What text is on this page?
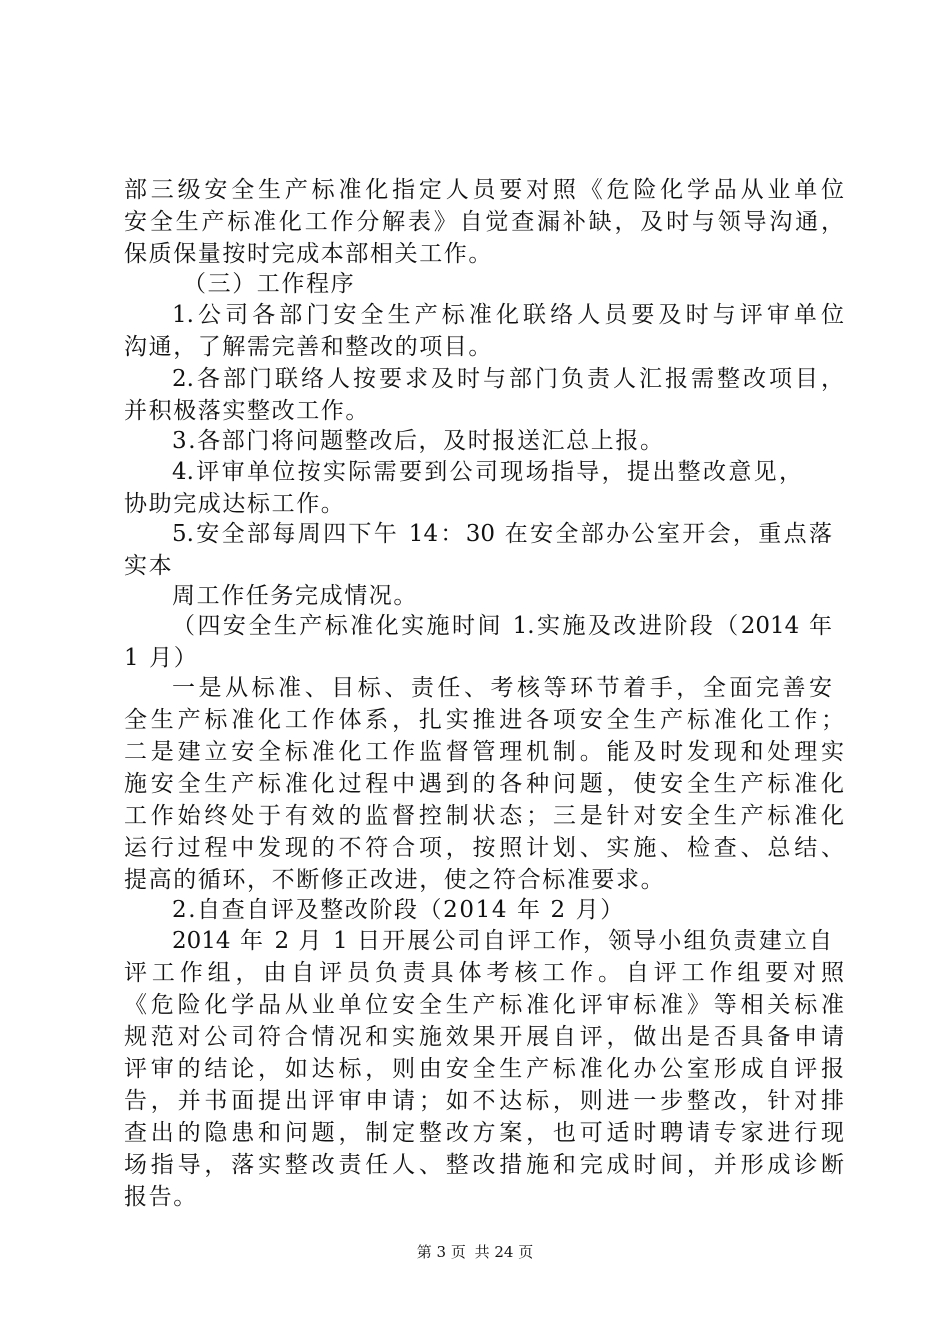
部三级安全生产标准化指定人员要对照《危险化学品从业单位
安全生产标准化工作分解表》自觉查漏补缺，及时与领导沟通，
保质保量按时完成本部相关工作。
（三）工作程序
1.公司各部门安全生产标准化联络人员要及时与评审单位
沟通，了解需完善和整改的项目。
2.各部门联络人按要求及时与部门负责人汇报需整改项目，
并积极落实整改工作。
3.各部门将问题整改后，及时报送汇总上报。
4.评审单位按实际需要到公司现场指导，提出整改意见，
协助完成达标工作。
5.安全部每周四下午 14：30 在安全部办公室开会，重点落
实本
周工作任务完成情况。
（四安全生产标准化实施时间 1.实施及改进阶段（2014 年
1 月）
一是从标准、目标、责任、考核等环节着手，全面完善安
全生产标准化工作体系，扎实推进各项安全生产标准化工作；
二是建立安全标准化工作监督管理机制。能及时发现和处理实
施安全生产标准化过程中遇到的各种问题，使安全生产标准化
工作始终处于有效的监督控制状态；三是针对安全生产标准化
运行过程中发现的不符合项，按照计划、实施、检查、总结、
提高的循环，不断修正改进，使之符合标准要求。
2.自查自评及整改阶段（2014 年 2 月）
2014 年 2 月 1 日开展公司自评工作，领导小组负责建立自
评工作组，由自评员负责具体考核工作。自评工作组要对照
《危险化学品从业单位安全生产标准化评审标准》等相关标准
规范对公司符合情况和实施效果开展自评，做出是否具备申请
评审的结论，如达标，则由安全生产标准化办公室形成自评报
告，并书面提出评审申请；如不达标，则进一步整改，针对排
查出的隐患和问题，制定整改方案，也可适时聘请专家进行现
场指导，落实整改责任人、整改措施和完成时间，并形成诊断
报告。
第 3 页 共 24 页
